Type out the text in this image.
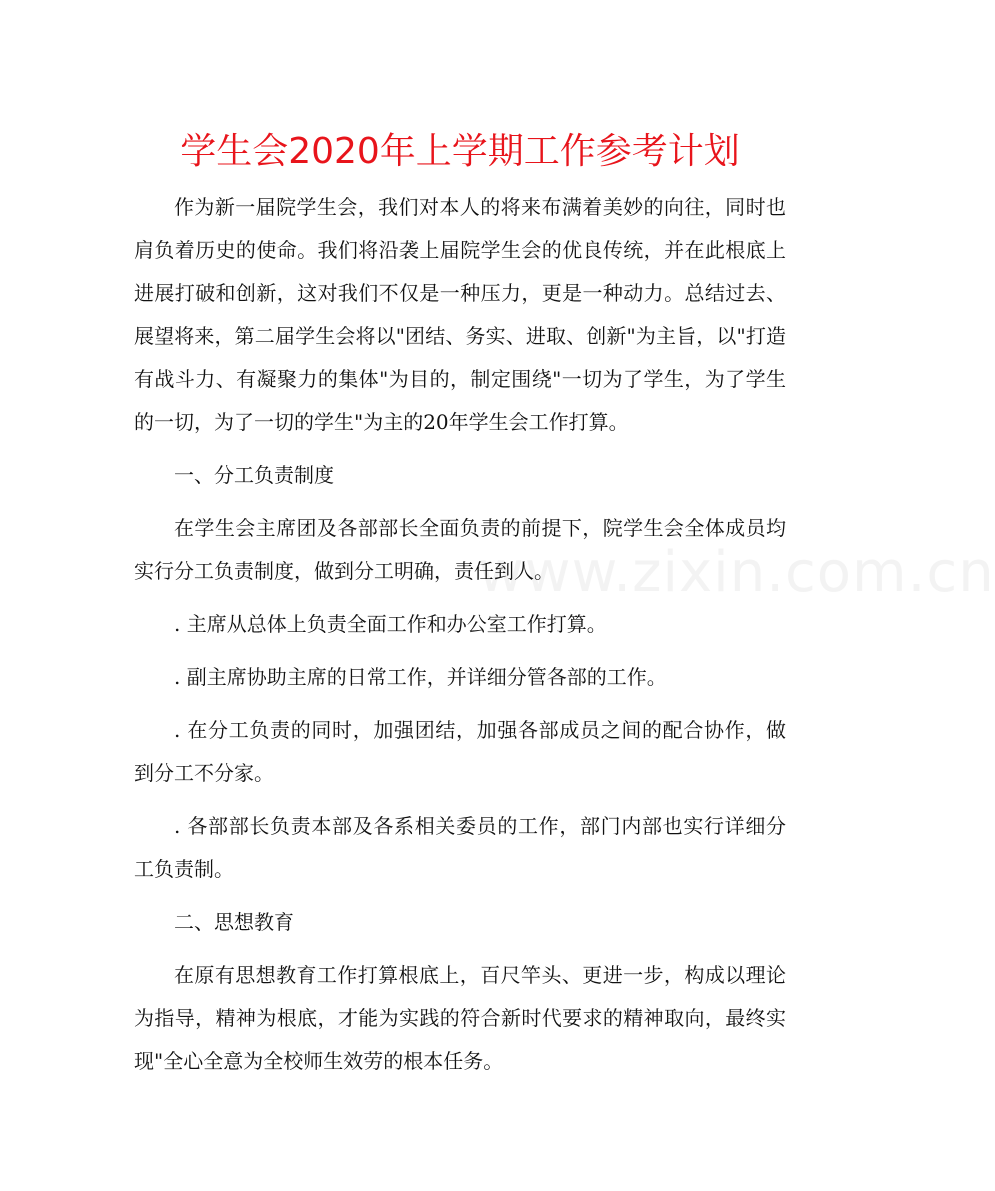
学生会2020年上学期工作参考计划
www.zixin.com.cn

作为新一届院学生会，我们对本人的将来布满着美妙的向往，同时也肩负着历史的使命。我们将沿袭上届院学生会的优良传统，并在此根底上进展打破和创新，这对我们不仅是一种压力，更是一种动力。总结过去、展望将来，第二届学生会将以"团结、务实、进取、创新"为主旨，以"打造有战斗力、有凝聚力的集体"为目的，制定围绕"一切为了学生，为了学生的一切，为了一切的学生"为主的20年学生会工作打算。

一、分工负责制度

在学生会主席团及各部部长全面负责的前提下，院学生会全体成员均实行分工负责制度，做到分工明确，责任到人。

. 主席从总体上负责全面工作和办公室工作打算。

. 副主席协助主席的日常工作，并详细分管各部的工作。

. 在分工负责的同时，加强团结，加强各部成员之间的配合协作，做到分工不分家。

. 各部部长负责本部及各系相关委员的工作，部门内部也实行详细分工负责制。

二、思想教育

在原有思想教育工作打算根底上，百尺竿头、更进一步，构成以理论为指导，精神为根底，才能为实践的符合新时代要求的精神取向，最终实现"全心全意为全校师生效劳的根本任务。
